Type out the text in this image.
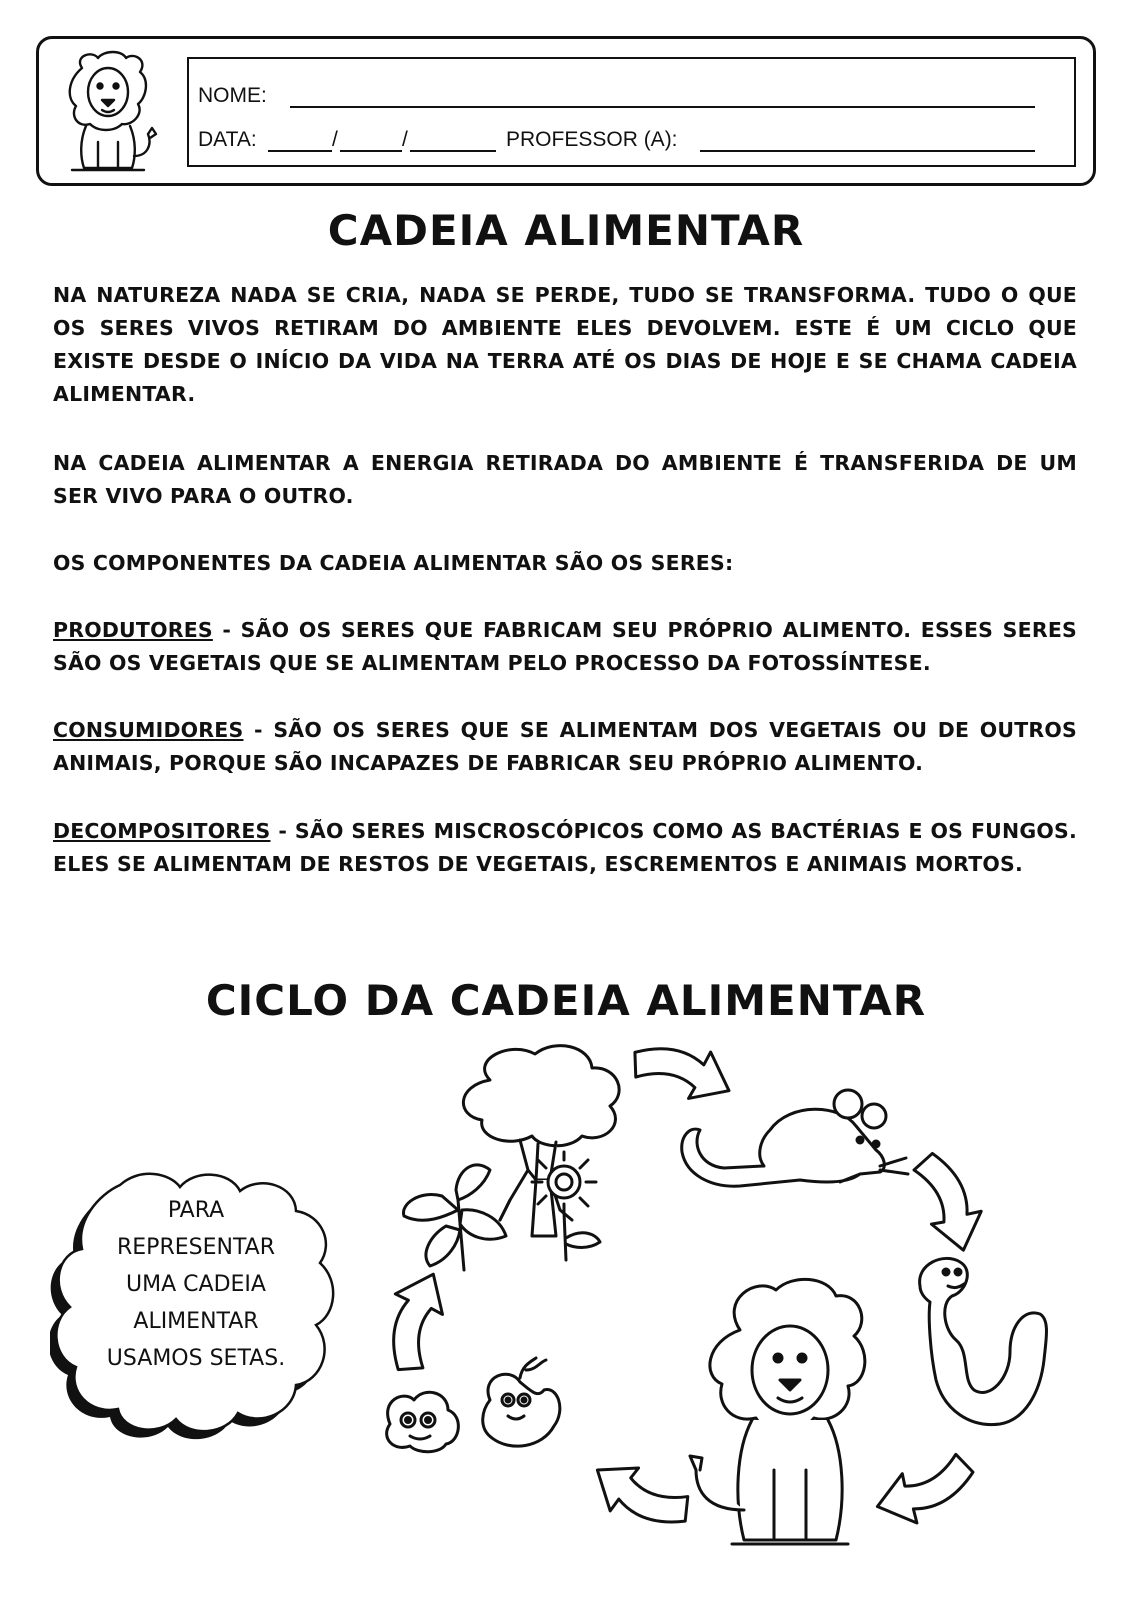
NOME:
DATA:	/	/	PROFESSOR (A):
CADEIA ALIMENTAR
NA NATUREZA NADA SE CRIA, NADA SE PERDE, TUDO SE TRANSFORMA. TUDO O QUE OS SERES VIVOS RETIRAM DO AMBIENTE ELES DEVOLVEM. ESTE É UM CICLO QUE EXISTE DESDE O INÍCIO DA VIDA NA TERRA ATÉ OS DIAS DE HOJE E SE CHAMA CADEIA ALIMENTAR.
NA CADEIA ALIMENTAR A ENERGIA RETIRADA DO AMBIENTE É TRANSFERIDA DE UM SER VIVO PARA O OUTRO.
OS COMPONENTES DA CADEIA ALIMENTAR SÃO OS SERES:
PRODUTORES - SÃO OS SERES QUE FABRICAM SEU PRÓPRIO ALIMENTO. ESSES SERES SÃO OS VEGETAIS QUE SE ALIMENTAM PELO PROCESSO DA FOTOSSÍNTESE.
CONSUMIDORES - SÃO OS SERES QUE SE ALIMENTAM DOS VEGETAIS OU DE OUTROS ANIMAIS, PORQUE SÃO INCAPAZES DE FABRICAR SEU PRÓPRIO ALIMENTO.
DECOMPOSITORES - SÃO SERES MISCROSCÓPICOS COMO AS BACTÉRIAS E OS FUNGOS. ELES SE ALIMENTAM DE RESTOS DE VEGETAIS, ESCREMENTOS E ANIMAIS MORTOS.
CICLO DA CADEIA ALIMENTAR
PARA
REPRESENTAR
UMA CADEIA
ALIMENTAR
USAMOS SETAS.
